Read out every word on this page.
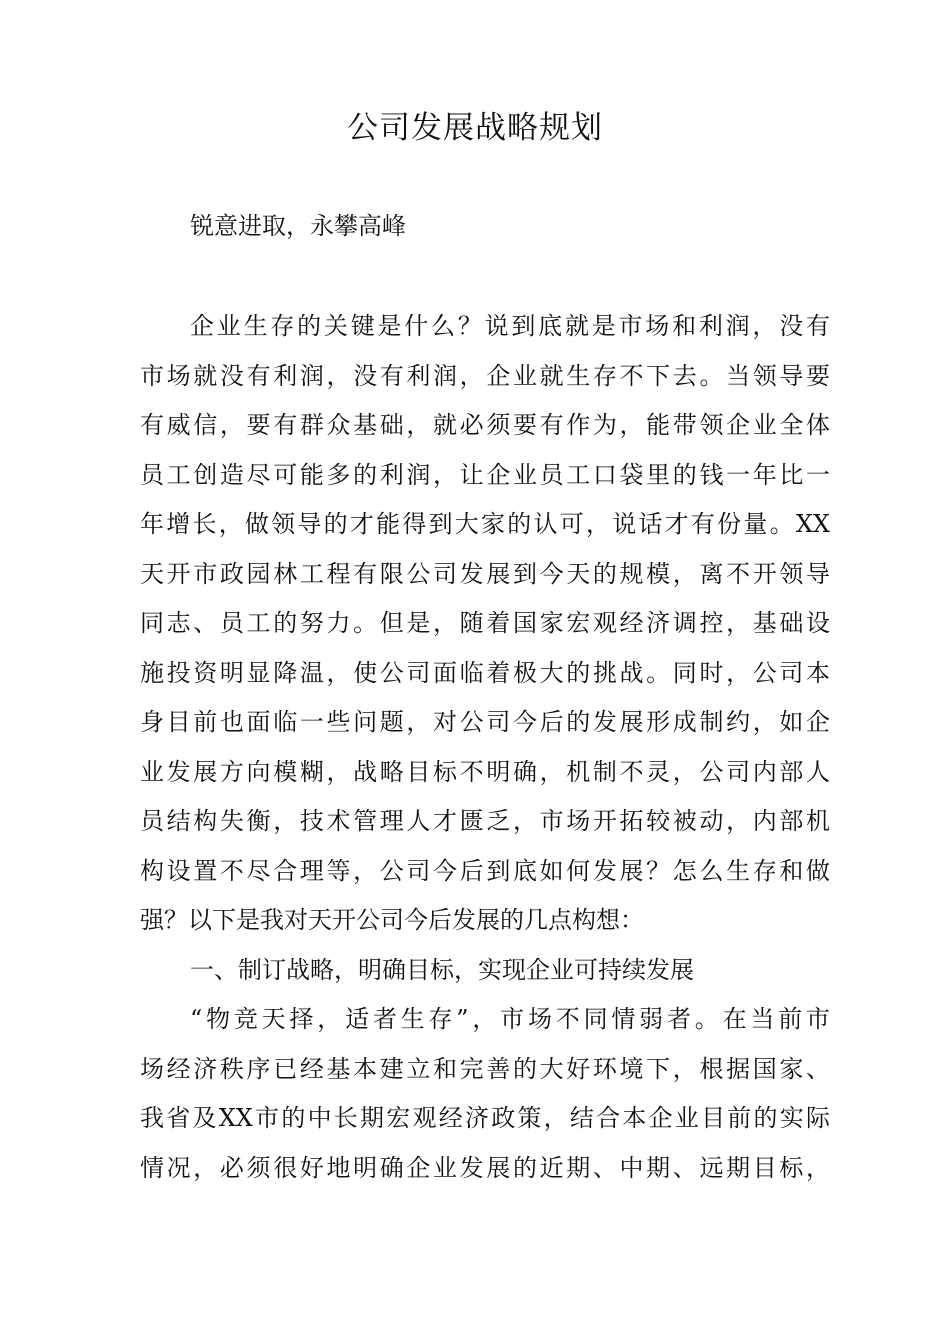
公司发展战略规划
锐意进取，永攀高峰
企业生存的关键是什么？说到底就是市场和利润，没有
市场就没有利润，没有利润，企业就生存不下去。当领导要
有威信，要有群众基础，就必须要有作为，能带领企业全体
员工创造尽可能多的利润，让企业员工口袋里的钱一年比一
年增长，做领导的才能得到大家的认可，说话才有份量。XX
天开市政园林工程有限公司发展到今天的规模，离不开领导
同志、员工的努力。但是，随着国家宏观经济调控，基础设
施投资明显降温，使公司面临着极大的挑战。同时，公司本
身目前也面临一些问题，对公司今后的发展形成制约，如企
业发展方向模糊，战略目标不明确，机制不灵，公司内部人
员结构失衡，技术管理人才匮乏，市场开拓较被动，内部机
构设置不尽合理等，公司今后到底如何发展？怎么生存和做
强？以下是我对天开公司今后发展的几点构想：
一、制订战略，明确目标，实现企业可持续发展
“物竞天择，适者生存”，市场不同情弱者。在当前市
场经济秩序已经基本建立和完善的大好环境下，根据国家、
我省及XX市的中长期宏观经济政策，结合本企业目前的实际
情况，必须很好地明确企业发展的近期、中期、远期目标，
